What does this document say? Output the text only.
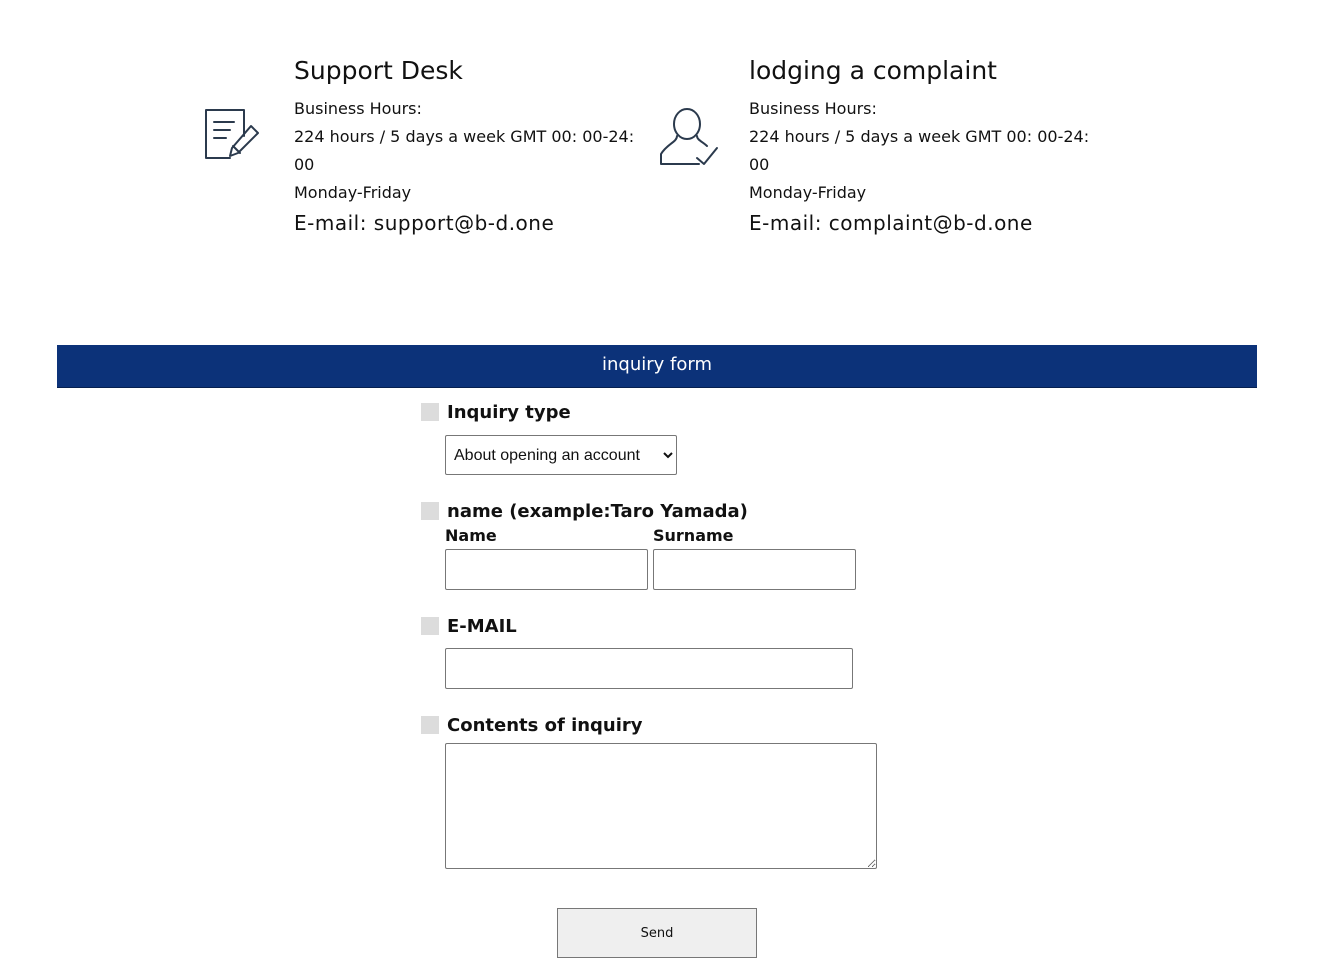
Support Desk
Business Hours:
224 hours / 5 days a week GMT 00: 00-24:
00
Monday-Friday
E-mail: support@b-d.one
lodging a complaint
Business Hours:
224 hours / 5 days a week GMT 00: 00-24:
00
Monday-Friday
E-mail: complaint@b-d.one
inquiry form
Inquiry type
About opening an account
name (example:Taro Yamada)
Name	Surname
E-MAIL
Contents of inquiry
Send
